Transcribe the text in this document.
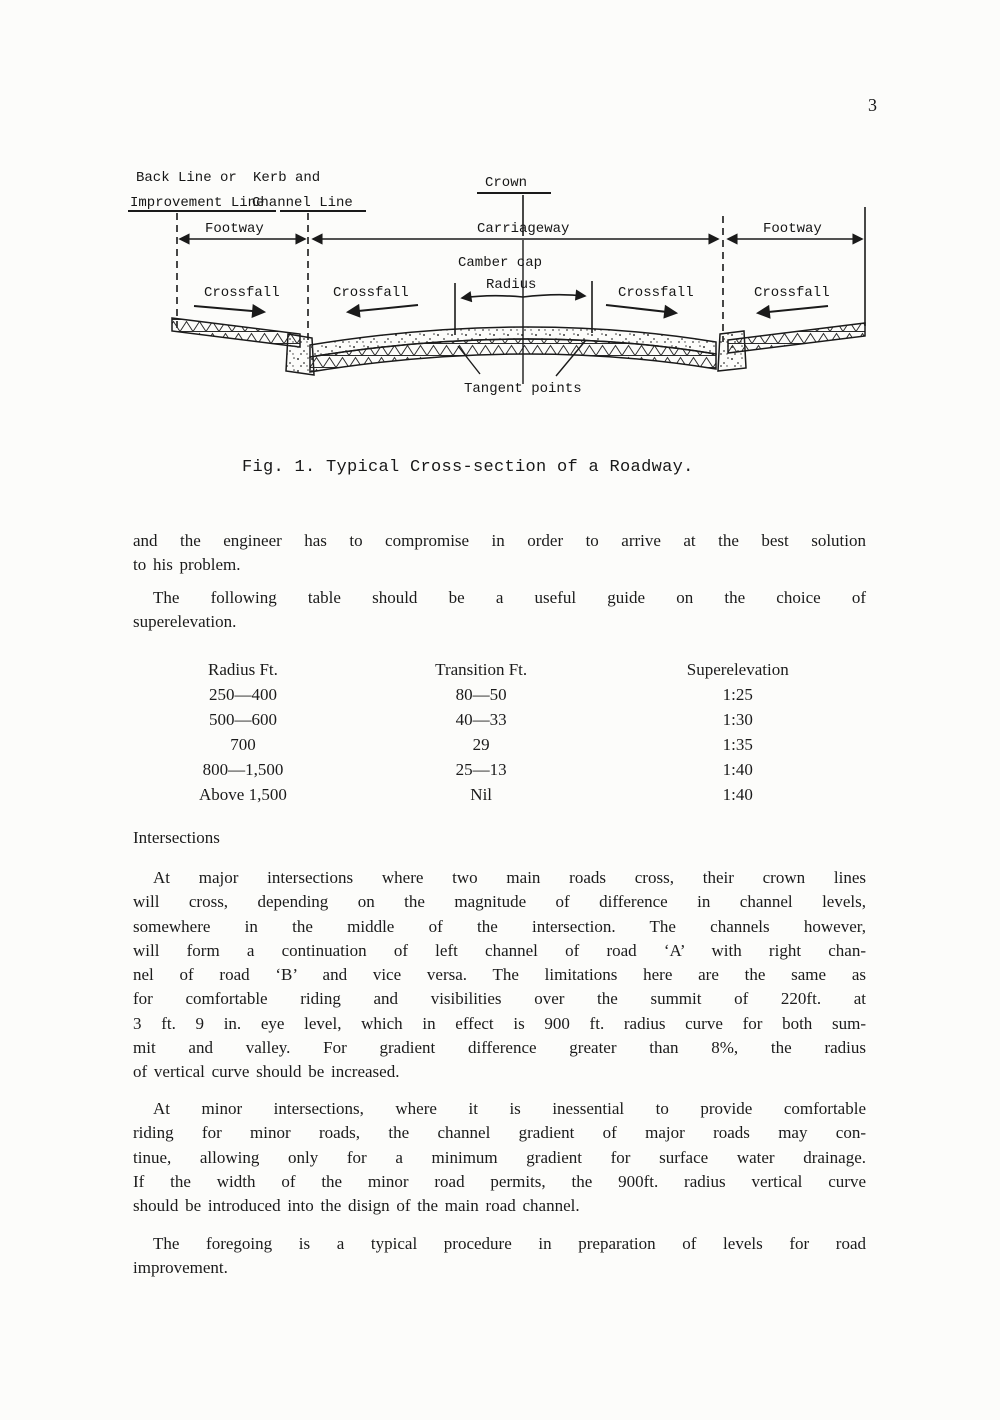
3
Back Line or
Improvement Line
Kerb and
Channel Line
Crown
Footway	Carriageway	Footway
Camber cap
Radius
Crossfall	Crossfall	Crossfall	Crossfall
Tangent points
Fig. 1. Typical Cross-section of a Roadway.
and the engineer has to compromise in order to arrive at the best solution
to his problem.
The following table should be a useful guide on the choice of
superelevation.
Radius Ft.	Transition Ft.	Superelevation
250—400	80—50	1:25
500—600	40—33	1:30
700	29	1:35
800—1,500	25—13	1:40
Above 1,500	Nil	1:40
Intersections
At major intersections where two main roads cross, their crown lines
will cross, depending on the magnitude of difference in channel levels,
somewhere in the middle of the intersection. The channels however,
will form a continuation of left channel of road ‘A’ with right chan-
nel of road ‘B’ and vice versa. The limitations here are the same as
for comfortable riding and visibilities over the summit of 220ft. at
3 ft. 9 in. eye level, which in effect is 900 ft. radius curve for both sum-
mit and valley. For gradient difference greater than 8%, the radius
of vertical curve should be increased.
At minor intersections, where it is inessential to provide comfortable
riding for minor roads, the channel gradient of major roads may con-
tinue, allowing only for a minimum gradient for surface water drainage.
If the width of the minor road permits, the 900ft. radius vertical curve
should be introduced into the disign of the main road channel.
The foregoing is a typical procedure in preparation of levels for road
improvement.
